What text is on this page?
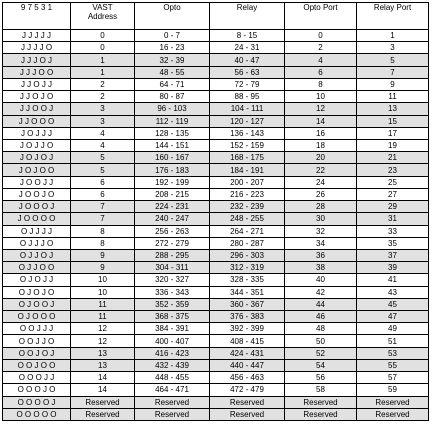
9 7 5 3 1	VAST Address	Opto	Relay	Opto Port	Relay Port
J J J J J	0	0 - 7	8 - 15	0	1
J J J J O	0	16 - 23	24 - 31	2	3
J J J O J	1	32 - 39	40 - 47	4	5
J J J O O	1	48 - 55	56 - 63	6	7
J J O J J	2	64 - 71	72 - 79	8	9
J J O J O	2	80 - 87	88 - 95	10	11
J J O O J	3	96 - 103	104 - 111	12	13
J J O O O	3	112 - 119	120 - 127	14	15
J O J J J	4	128 - 135	136 - 143	16	17
J O J J O	4	144 - 151	152 - 159	18	19
J O J O J	5	160 - 167	168 - 175	20	21
J O J O O	5	176 - 183	184 - 191	22	23
J O O J J	6	192 - 199	200 - 207	24	25
J O O J O	6	208 - 215	216 - 223	26	27
J O O O J	7	224 - 231	232 - 239	28	29
J O O O O	7	240 - 247	248 - 255	30	31
O J J J J	8	256 - 263	264 - 271	32	33
O J J J O	8	272 - 279	280 - 287	34	35
O J J O J	9	288 - 295	296 - 303	36	37
O J J O O	9	304 - 311	312 - 319	38	39
O J O J J	10	320 - 327	328 - 335	40	41
O J O J O	10	336 - 343	344 - 351	42	43
O J O O J	11	352 - 359	360 - 367	44	45
O J O O O	11	368 - 375	376 - 383	46	47
O O J J J	12	384 - 391	392 - 399	48	49
O O J J O	12	400 - 407	408 - 415	50	51
O O J O J	13	416 - 423	424 - 431	52	53
O O J O O	13	432 - 439	440 - 447	54	55
O O O J J	14	448 - 455	456 - 463	56	57
O O O J O	14	464 - 471	472 - 479	58	59
O O O O J	Reserved	Reserved	Reserved	Reserved	Reserved
O O O O O	Reserved	Reserved	Reserved	Reserved	Reserved
